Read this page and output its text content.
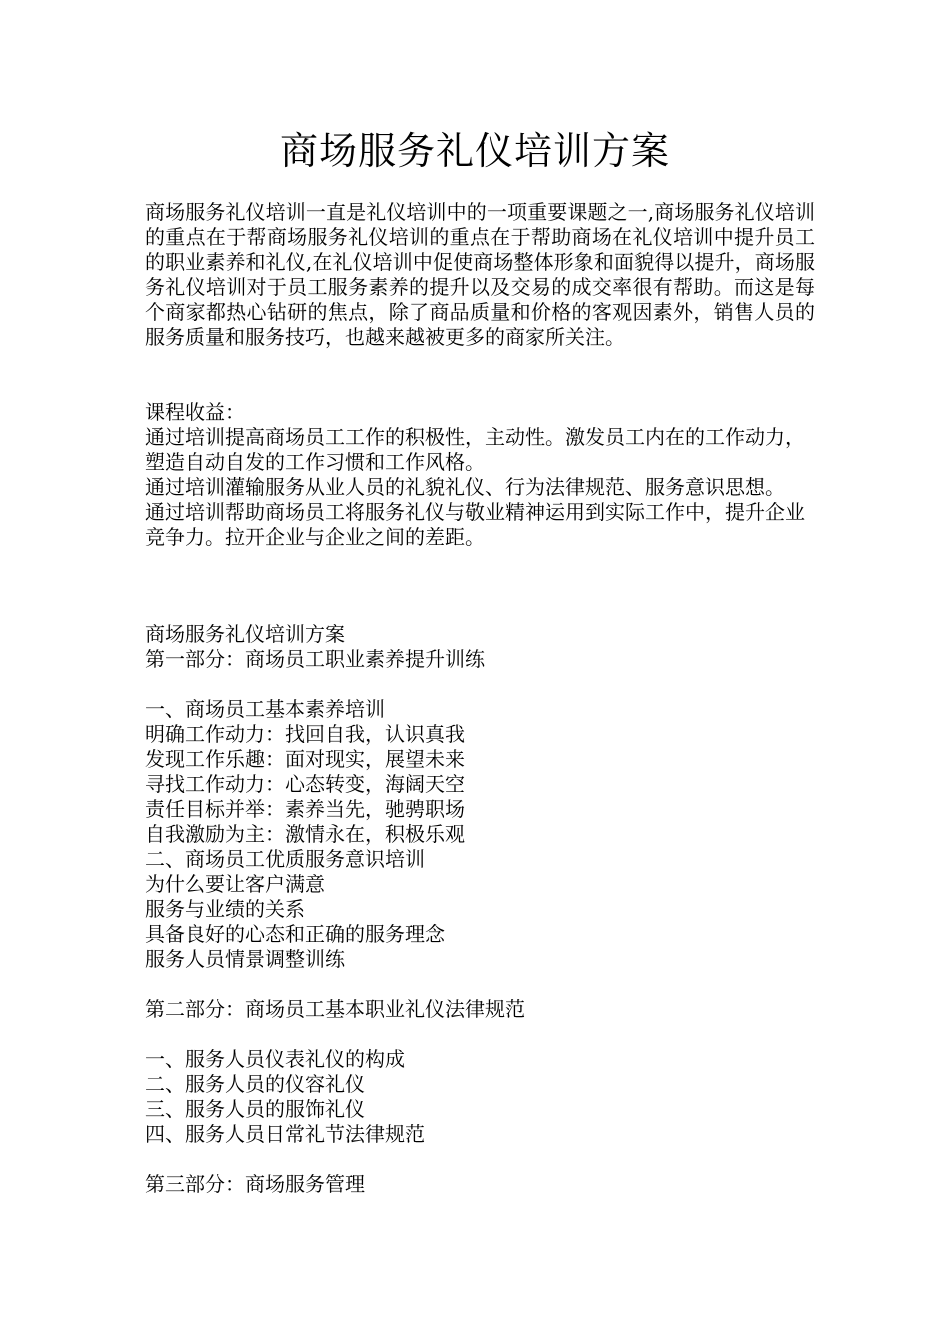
商场服务礼仪培训方案
商场服务礼仪培训一直是礼仪培训中的一项重要课题之一,商场服务礼仪培训的重点在于帮商场服务礼仪培训的重点在于帮助商场在礼仪培训中提升员工的职业素养和礼仪,在礼仪培训中促使商场整体形象和面貌得以提升，商场服务礼仪培训对于员工服务素养的提升以及交易的成交率很有帮助。而这是每个商家都热心钻研的焦点，除了商品质量和价格的客观因素外，销售人员的服务质量和服务技巧，也越来越被更多的商家所关注。
课程收益：
通过培训提高商场员工工作的积极性，主动性。激发员工内在的工作动力，塑造自动自发的工作习惯和工作风格。
通过培训灌输服务从业人员的礼貌礼仪、行为法律规范、服务意识思想。
通过培训帮助商场员工将服务礼仪与敬业精神运用到实际工作中，提升企业竞争力。拉开企业与企业之间的差距。
商场服务礼仪培训方案
第一部分：商场员工职业素养提升训练
一、商场员工基本素养培训
明确工作动力：找回自我，认识真我
发现工作乐趣：面对现实，展望未来
寻找工作动力：心态转变，海阔天空
责任目标并举：素养当先，驰骋职场
自我激励为主：激情永在，积极乐观
二、商场员工优质服务意识培训
为什么要让客户满意
服务与业绩的关系
具备良好的心态和正确的服务理念
服务人员情景调整训练
第二部分：商场员工基本职业礼仪法律规范
一、服务人员仪表礼仪的构成
二、服务人员的仪容礼仪
三、服务人员的服饰礼仪
四、服务人员日常礼节法律规范
第三部分：商场服务管理
